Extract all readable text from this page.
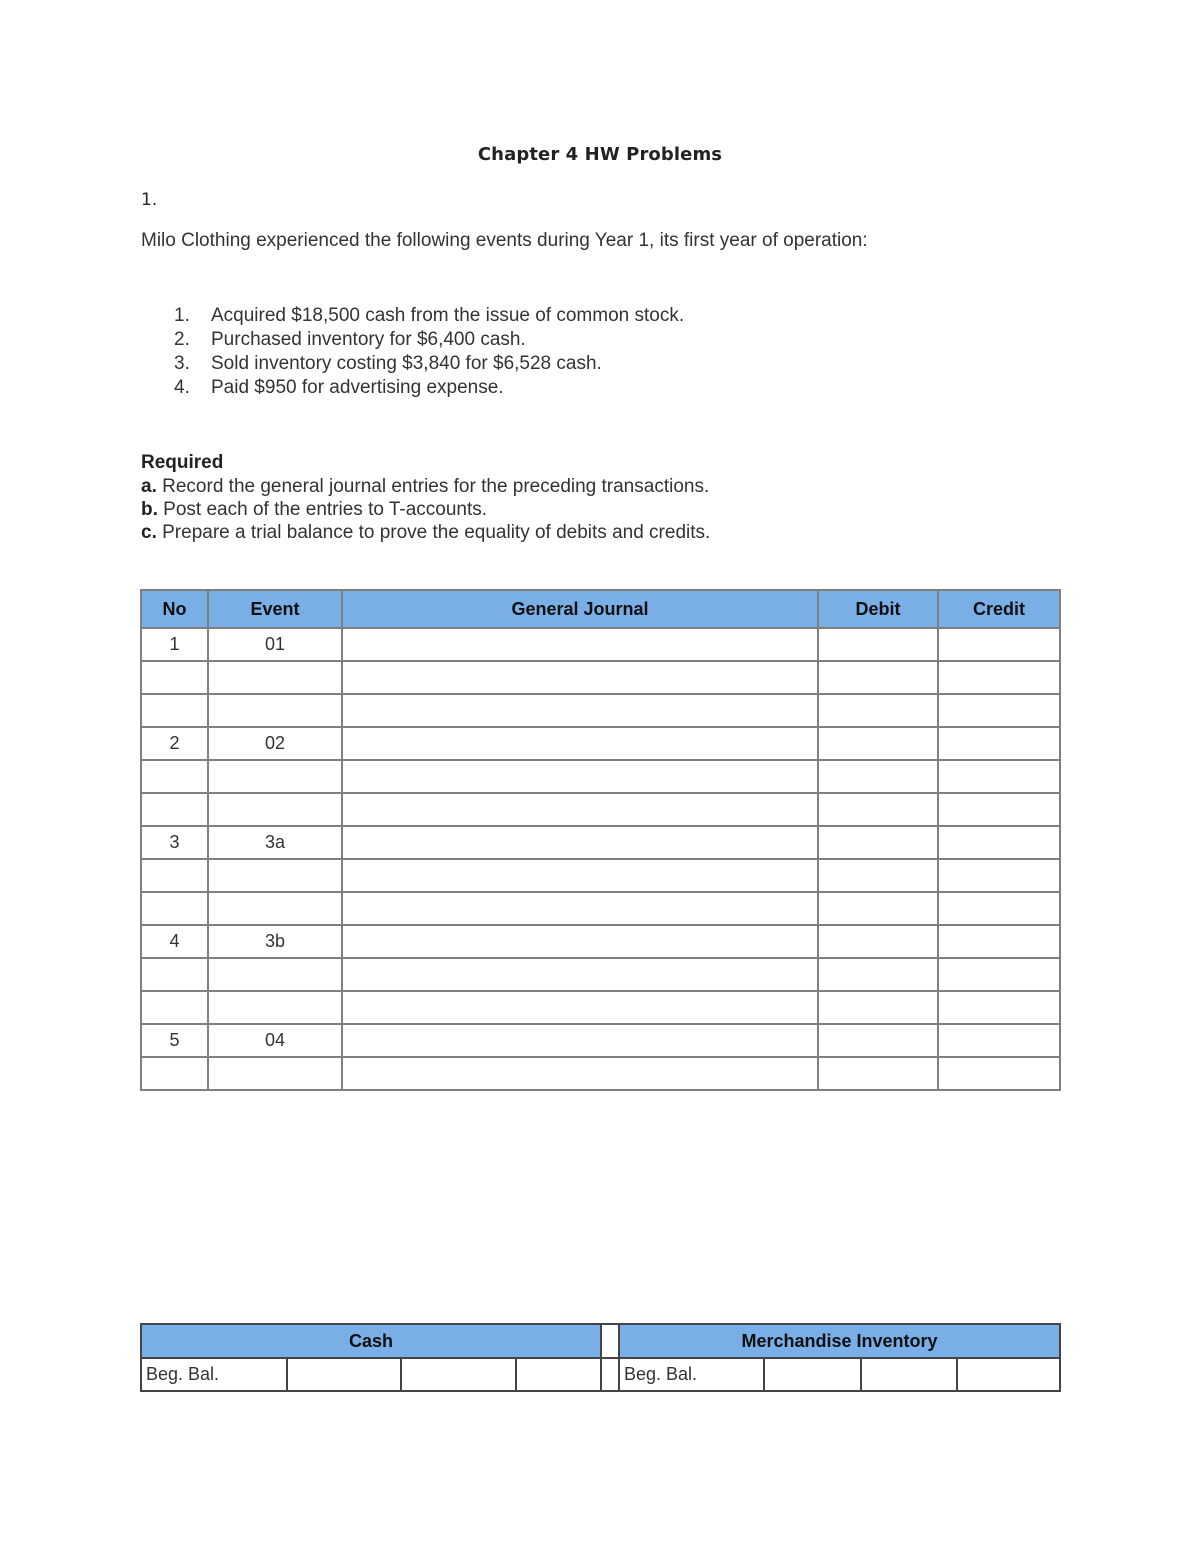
Chapter 4 HW Problems
1.
Milo Clothing experienced the following events during Year 1, its first year of operation:
1. Acquired $18,500 cash from the issue of common stock.
2. Purchased inventory for $6,400 cash.
3. Sold inventory costing $3,840 for $6,528 cash.
4. Paid $950 for advertising expense.
Required
a. Record the general journal entries for the preceding transactions.
b. Post each of the entries to T-accounts.
c. Prepare a trial balance to prove the equality of debits and credits.
No	Event	General Journal	Debit	Credit
1	01			

2	02			

3	3a			

4	3b			

5	04			

Cash					Merchandise Inventory			
Beg. Bal.					Beg. Bal.			
